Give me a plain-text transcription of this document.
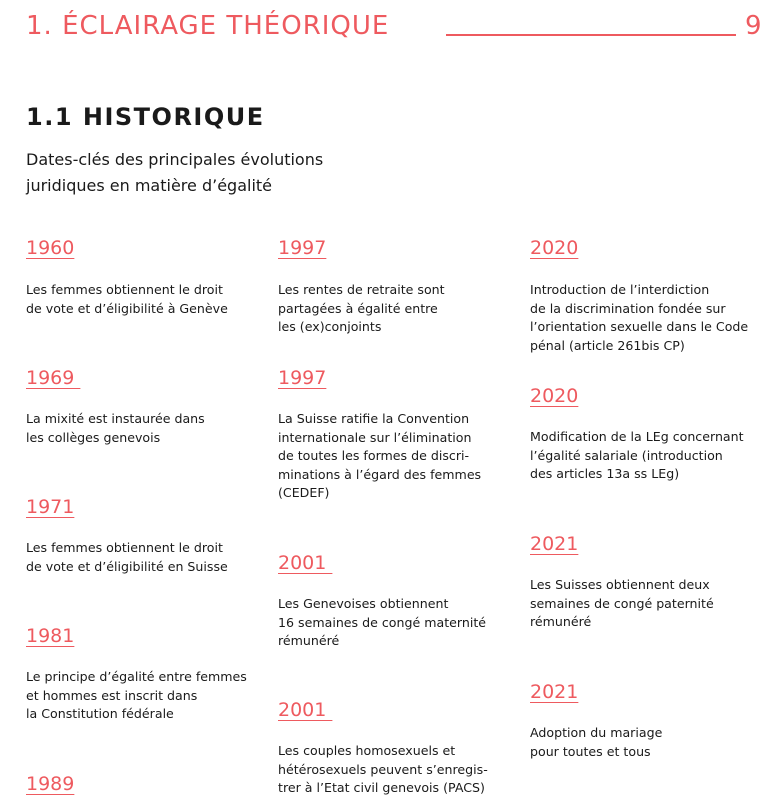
1. ÉCLAIRAGE THÉORIQUE	9
1.1 HISTORIQUE
Dates-clés des principales évolutions
juridiques en matière d’égalité
1960
Les femmes obtiennent le droit
de vote et d’éligibilité à Genève
1969
La mixité est instaurée dans
les collèges genevois
1971
Les femmes obtiennent le droit
de vote et d’éligibilité en Suisse
1981
Le principe d’égalité entre femmes
et hommes est inscrit dans
la Constitution fédérale
1989
1997
Les rentes de retraite sont
partagées à égalité entre
les (ex)conjoints
1997
La Suisse ratifie la Convention
internationale sur l’élimination
de toutes les formes de discri-
minations à l’égard des femmes
(CEDEF)
2001
Les Genevoises obtiennent
16 semaines de congé maternité
rémunéré
2001
Les couples homosexuels et
hétérosexuels peuvent s’enregis-
trer à l’Etat civil genevois (PACS)
2020
Introduction de l’interdiction
de la discrimination fondée sur
l’orientation sexuelle dans le Code
pénal (article 261bis CP)
2020
Modification de la LEg concernant
l’égalité salariale (introduction
des articles 13a ss LEg)
2021
Les Suisses obtiennent deux
semaines de congé paternité
rémunéré
2021
Adoption du mariage
pour toutes et tous
